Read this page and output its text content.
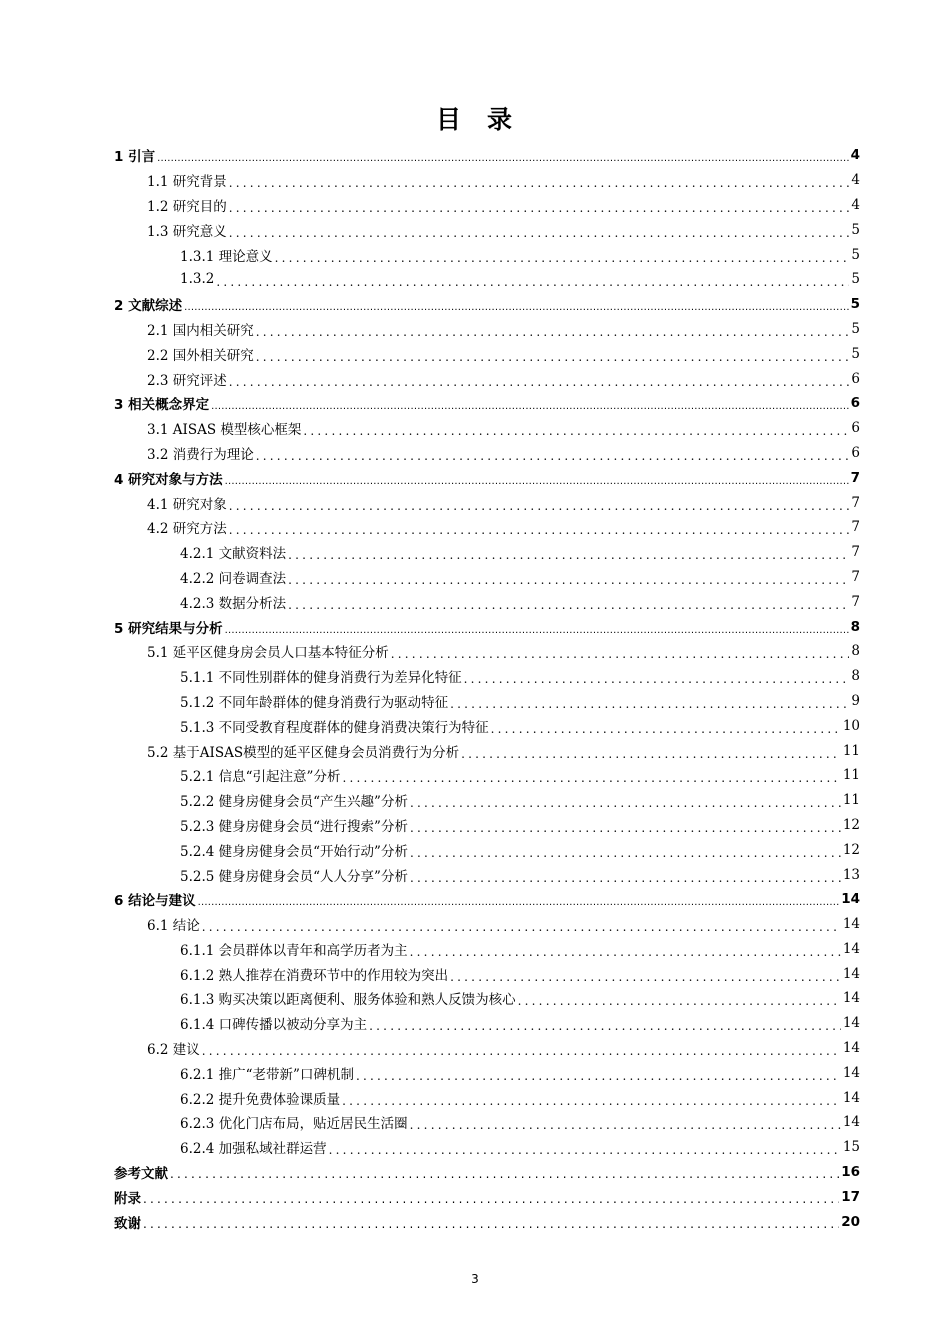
目 录
1 引言 .....	4
1.1 研究背景 .....	4
1.2 研究目的 .....	4
1.3 研究意义 .....	5
1.3.1 理论意义 .....	5
1.3.2 .....	5
2 文献综述 .....	5
2.1 国内相关研究 .....	5
2.2 国外相关研究 .....	5
2.3 研究评述 .....	6
3 相关概念界定 .....	6
3.1 AISAS 模型核心框架 .....	6
3.2 消费行为理论 .....	6
4 研究对象与方法 .....	7
4.1 研究对象 .....	7
4.2 研究方法 .....	7
4.2.1 文献资料法 .....	7
4.2.2 问卷调查法 .....	7
4.2.3 数据分析法 .....	7
5 研究结果与分析 .....	8
5.1 延平区健身房会员人口基本特征分析 .....	8
5.1.1 不同性别群体的健身消费行为差异化特征 .....	8
5.1.2 不同年龄群体的健身消费行为驱动特征 .....	9
5.1.3 不同受教育程度群体的健身消费决策行为特征 .....	10
5.2 基于AISAS模型的延平区健身会员消费行为分析 .....	11
5.2.1 信息“引起注意”分析 .....	11
5.2.2 健身房健身会员“产生兴趣”分析 .....	11
5.2.3 健身房健身会员“进行搜索”分析 .....	12
5.2.4 健身房健身会员“开始行动”分析 .....	12
5.2.5 健身房健身会员“人人分享”分析 .....	13
6 结论与建议 .....	14
6.1 结论 .....	14
6.1.1 会员群体以青年和高学历者为主 .....	14
6.1.2 熟人推荐在消费环节中的作用较为突出 .....	14
6.1.3 购买决策以距离便利、服务体验和熟人反馈为核心 .....	14
6.1.4 口碑传播以被动分享为主 .....	14
6.2 建议 .....	14
6.2.1 推广“老带新”口碑机制 .....	14
6.2.2 提升免费体验课质量 .....	14
6.2.3 优化门店布局，贴近居民生活圈 .....	14
6.2.4 加强私域社群运营 .....	15
参考文献 .....	16
附录 .....	17
致谢 .....	20
3
